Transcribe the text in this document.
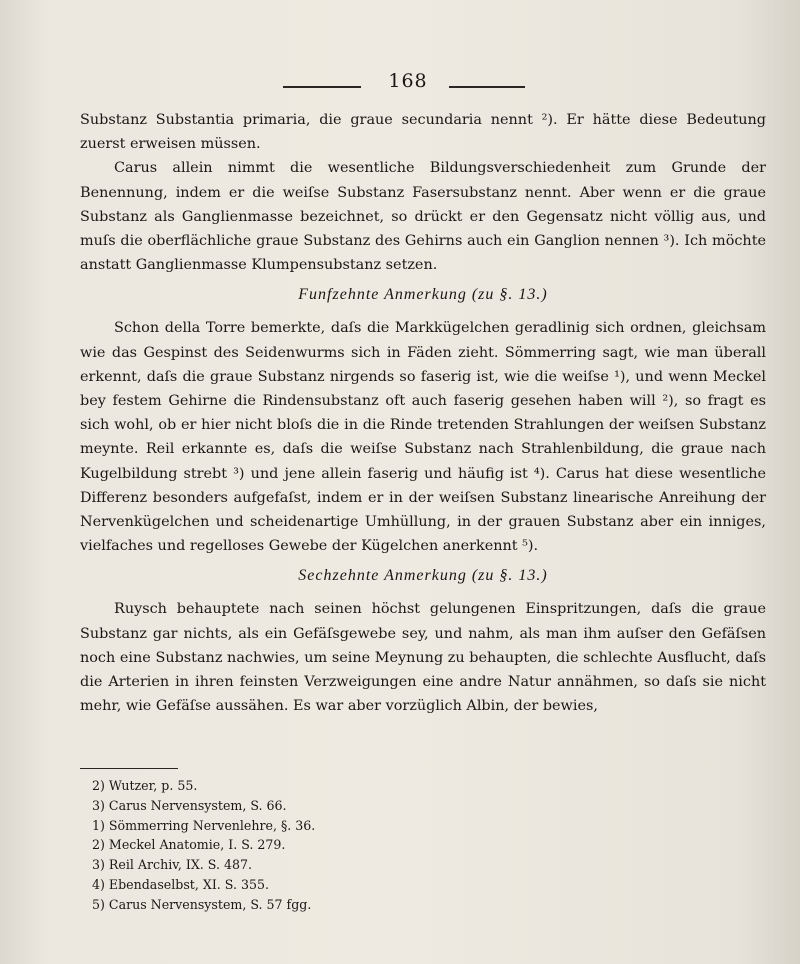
168

Substanz Substantia primaria, die graue secundaria nennt ²). Er hätte diese Bedeutung zuerst erweisen müssen.

Carus allein nimmt die wesentliche Bildungsverschiedenheit zum Grunde der Benennung, indem er die weiſse Substanz Fasersubstanz nennt. Aber wenn er die graue Substanz als Ganglienmasse bezeichnet, so drückt er den Gegensatz nicht völlig aus, und muſs die oberflächliche graue Substanz des Gehirns auch ein Ganglion nennen ³). Ich möchte anstatt Ganglienmasse Klumpensubstanz setzen.

Funfzehnte Anmerkung (zu §. 13.)

Schon della Torre bemerkte, daſs die Markkügelchen geradlinig sich ordnen, gleichsam wie das Gespinst des Seidenwurms sich in Fäden zieht. Sömmerring sagt, wie man überall erkennt, daſs die graue Substanz nirgends so faserig ist, wie die weiſse ¹), und wenn Meckel bey festem Gehirne die Rindensubstanz oft auch faserig gesehen haben will ²), so fragt es sich wohl, ob er hier nicht bloſs die in die Rinde tretenden Strahlungen der weiſsen Substanz meynte. Reil erkannte es, daſs die weiſse Substanz nach Strahlenbildung, die graue nach Kugelbildung strebt ³) und jene allein faserig und häufig ist ⁴). Carus hat diese wesentliche Differenz besonders aufgefaſst, indem er in der weiſsen Substanz linearische Anreihung der Nervenkügelchen und scheidenartige Umhüllung, in der grauen Substanz aber ein inniges, vielfaches und regelloses Gewebe der Kügelchen anerkennt ⁵).

Sechzehnte Anmerkung (zu §. 13.)

Ruysch behauptete nach seinen höchst gelungenen Einspritzungen, daſs die graue Substanz gar nichts, als ein Gefäſsgewebe sey, und nahm, als man ihm auſser den Gefäſsen noch eine Substanz nachwies, um seine Meynung zu behaupten, die schlechte Ausflucht, daſs die Arterien in ihren feinsten Verzweigungen eine andre Natur annähmen, so daſs sie nicht mehr, wie Gefäſse aussähen. Es war aber vorzüglich Albin, der bewies,

2) Wutzer, p. 55.
3) Carus Nervensystem, S. 66.
1) Sömmerring Nervenlehre, §. 36.
2) Meckel Anatomie, I. S. 279.
3) Reil Archiv, IX. S. 487.
4) Ebendaselbst, XI. S. 355.
5) Carus Nervensystem, S. 57 fgg.
